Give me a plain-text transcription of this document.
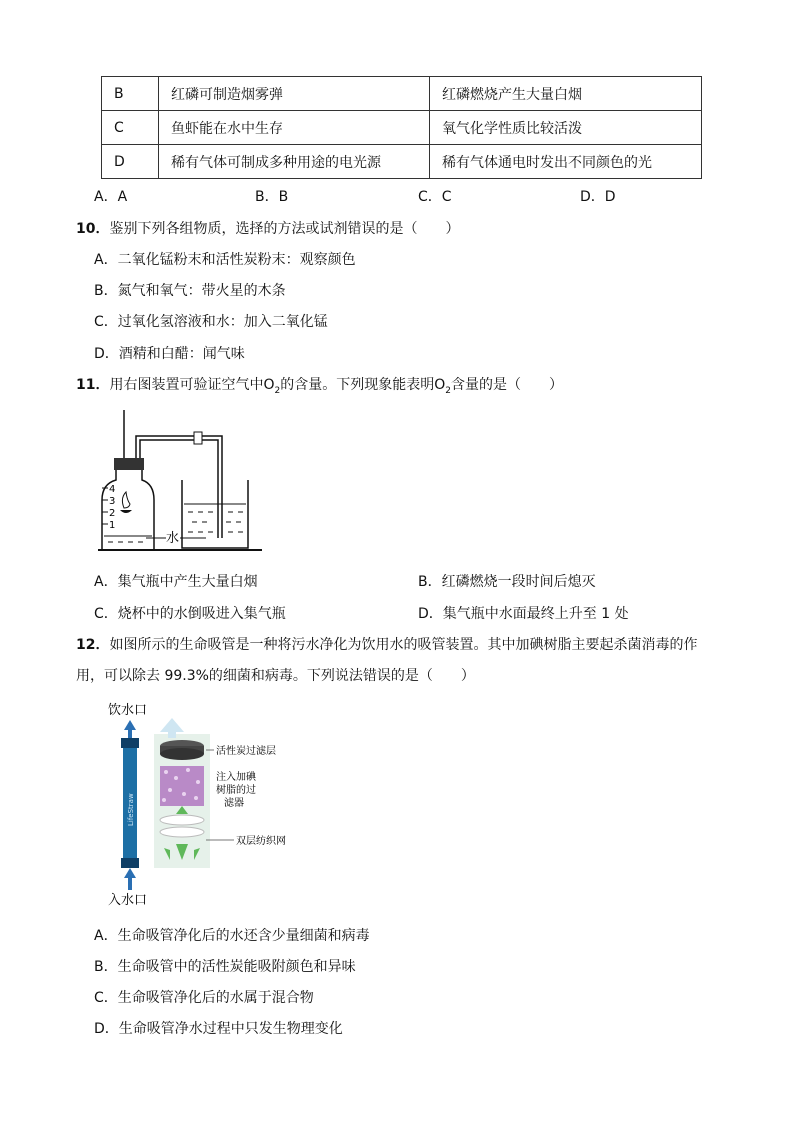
B	红磷可制造烟雾弹	红磷燃烧产生大量白烟
C	鱼虾能在水中生存	氧气化学性质比较活泼
D	稀有气体可制成多种用途的电光源	稀有气体通电时发出不同颜色的光
A．A	B．B	C．C	D．D
10．鉴别下列各组物质，选择的方法或试剂错误的是（　　）
A．二氧化锰粉末和活性炭粉末：观察颜色
B．氮气和氧气：带火星的木条
C．过氧化氢溶液和水：加入二氧化锰
D．酒精和白醋：闻气味
11．用右图装置可验证空气中$O_2$的含量。下列现象能表明$O_2$含量的是（　　）
4
3
2
1
水
A．集气瓶中产生大量白烟	B．红磷燃烧一段时间后熄灭
C．烧杯中的水倒吸进入集气瓶	D．集气瓶中水面最终上升至 1 处
12．如图所示的生命吸管是一种将污水净化为饮用水的吸管装置。其中加碘树脂主要起杀菌消毒的作
用，可以除去 99.3%的细菌和病毒。下列说法错误的是（　　）
饮水口
入水口
LifeStraw
活性炭过滤层
注入加碘
树脂的过
滤器
双层纺织网
A．生命吸管净化后的水还含少量细菌和病毒
B．生命吸管中的活性炭能吸附颜色和异味
C．生命吸管净化后的水属于混合物
D．生命吸管净水过程中只发生物理变化
